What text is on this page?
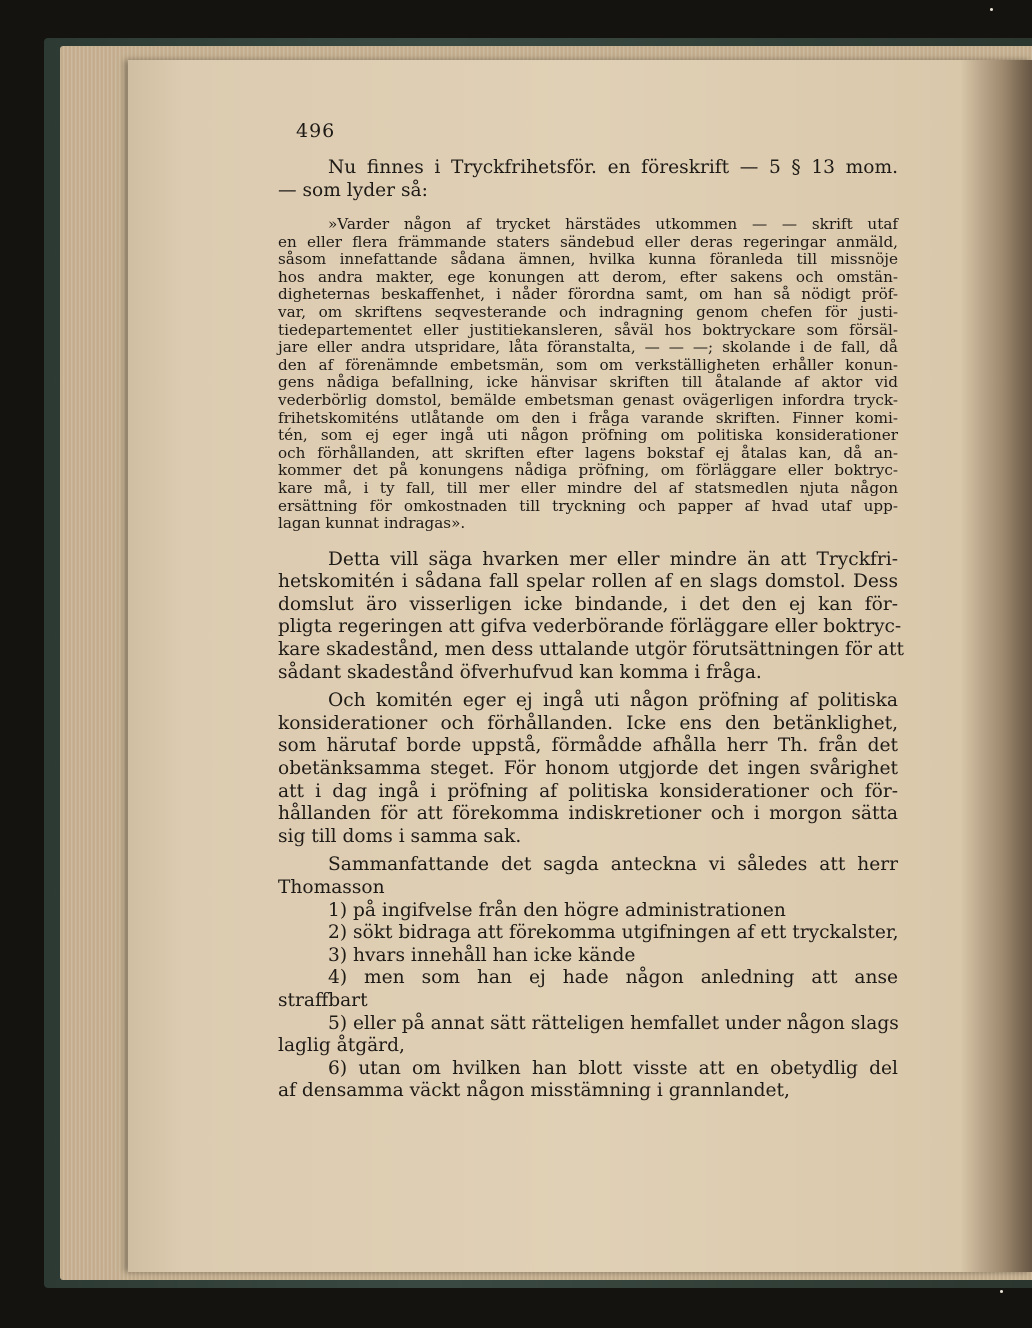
496
Nu finnes i Tryckfrihetsför. en föreskrift — 5 § 13 mom.
— som lyder så:
»Varder någon af trycket härstädes utkommen — — skrift utaf
en eller flera främmande staters sändebud eller deras regeringar anmäld,
såsom innefattande sådana ämnen, hvilka kunna föranleda till missnöje
hos andra makter, ege konungen att derom, efter sakens och omstän-
digheternas beskaffenhet, i nåder förordna samt, om han så nödigt pröf-
var, om skriftens seqvesterande och indragning genom chefen för justi-
tiedepartementet eller justitiekansleren, såväl hos boktryckare som försäl-
jare eller andra utspridare, låta föranstalta, — — —; skolande i de fall, då
den af förenämnde embetsmän, som om verkställigheten erhåller konun-
gens nådiga befallning, icke hänvisar skriften till åtalande af aktor vid
vederbörlig domstol, bemälde embetsman genast ovägerligen infordra tryck-
frihetskomiténs utlåtande om den i fråga varande skriften. Finner komi-
tén, som ej eger ingå uti någon pröfning om politiska konsiderationer
och förhållanden, att skriften efter lagens bokstaf ej åtalas kan, då an-
kommer det på konungens nådiga pröfning, om förläggare eller boktryc-
kare må, i ty fall, till mer eller mindre del af statsmedlen njuta någon
ersättning för omkostnaden till tryckning och papper af hvad utaf upp-
lagan kunnat indragas».
Detta vill säga hvarken mer eller mindre än att Tryckfri-
hetskomitén i sådana fall spelar rollen af en slags domstol. Dess
domslut äro visserligen icke bindande, i det den ej kan för-
pligta regeringen att gifva vederbörande förläggare eller boktryc-
kare skadestånd, men dess uttalande utgör förutsättningen för att
sådant skadestånd öfverhufvud kan komma i fråga.
Och komitén eger ej ingå uti någon pröfning af politiska
konsiderationer och förhållanden. Icke ens den betänklighet,
som härutaf borde uppstå, förmådde afhålla herr Th. från det
obetänksamma steget. För honom utgjorde det ingen svårighet
att i dag ingå i pröfning af politiska konsiderationer och för-
hållanden för att förekomma indiskretioner och i morgon sätta
sig till doms i samma sak.
Sammanfattande det sagda anteckna vi således att herr
Thomasson
1) på ingifvelse från den högre administrationen
2) sökt bidraga att förekomma utgifningen af ett tryckalster,
3) hvars innehåll han icke kände
4) men som han ej hade någon anledning att anse
straffbart
5) eller på annat sätt rätteligen hemfallet under någon slags
laglig åtgärd,
6) utan om hvilken han blott visste att en obetydlig del
af densamma väckt någon misstämning i grannlandet,
